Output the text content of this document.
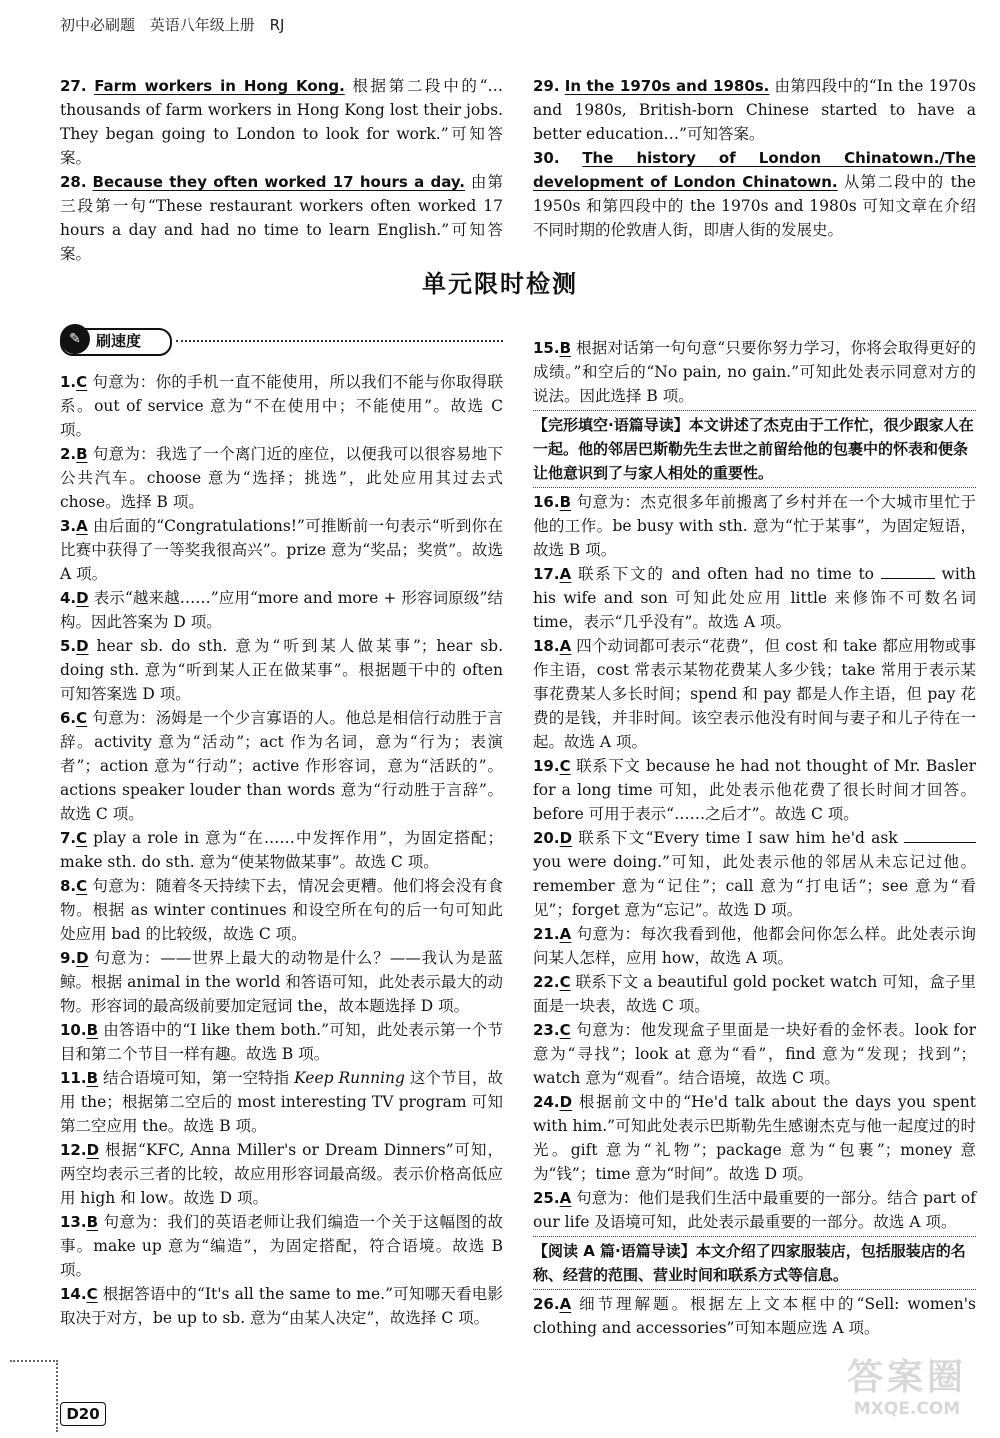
初中必刷题 英语八年级上册 RJ
27. Farm workers in Hong Kong. 根据第二段中的“… thousands of farm workers in Hong Kong lost their jobs. They began going to London to look for work.”可知答案。
28. Because they often worked 17 hours a day. 由第三段第一句“These restaurant workers often worked 17 hours a day and had no time to learn English.”可知答案。
29. In the 1970s and 1980s. 由第四段中的“In the 1970s and 1980s, British-born Chinese started to have a better education…”可知答案。
30. The history of London Chinatown./The development of London Chinatown. 从第二段中的 the 1950s 和第四段中的 the 1970s and 1980s 可知文章在介绍不同时期的伦敦唐人街，即唐人街的发展史。
单元限时检测
✎	刷速度
1.C 句意为：你的手机一直不能使用，所以我们不能与你取得联系。out of service 意为“不在使用中；不能使用”。故选 C 项。
2.B 句意为：我选了一个离门近的座位，以便我可以很容易地下公共汽车。choose 意为“选择；挑选”，此处应用其过去式 chose。选择 B 项。
3.A 由后面的“Congratulations!”可推断前一句表示“听到你在比赛中获得了一等奖我很高兴”。prize 意为“奖品；奖赏”。故选 A 项。
4.D 表示“越来越……”应用“more and more + 形容词原级”结构。因此答案为 D 项。
5.D hear sb. do sth. 意为“听到某人做某事”；hear sb. doing sth. 意为“听到某人正在做某事”。根据题干中的 often 可知答案选 D 项。
6.C 句意为：汤姆是一个少言寡语的人。他总是相信行动胜于言辞。activity 意为“活动”；act 作为名词，意为“行为；表演者”；action 意为“行动”；active 作形容词，意为“活跃的”。actions speaker louder than words 意为“行动胜于言辞”。故选 C 项。
7.C play a role in 意为“在……中发挥作用”，为固定搭配；make sth. do sth. 意为“使某物做某事”。故选 C 项。
8.C 句意为：随着冬天持续下去，情况会更糟。他们将会没有食物。根据 as winter continues 和设空所在句的后一句可知此处应用 bad 的比较级，故选 C 项。
9.D 句意为：——世界上最大的动物是什么？——我认为是蓝鲸。根据 animal in the world 和答语可知，此处表示最大的动物。形容词的最高级前要加定冠词 the，故本题选择 D 项。
10.B 由答语中的“I like them both.”可知，此处表示第一个节目和第二个节目一样有趣。故选 B 项。
11.B 结合语境可知，第一空特指 Keep Running 这个节目，故用 the；根据第二空后的 most interesting TV program 可知第二空应用 the。故选 B 项。
12.D 根据“KFC, Anna Miller's or Dream Dinners”可知，两空均表示三者的比较，故应用形容词最高级。表示价格高低应用 high 和 low。故选 D 项。
13.B 句意为：我们的英语老师让我们编造一个关于这幅图的故事。make up 意为“编造”，为固定搭配，符合语境。故选 B 项。
14.C 根据答语中的“It's all the same to me.”可知哪天看电影取决于对方，be up to sb. 意为“由某人决定”，故选择 C 项。
15.B 根据对话第一句句意“只要你努力学习，你将会取得更好的成绩。”和空后的“No pain, no gain.”可知此处表示同意对方的说法。因此选择 B 项。
【完形填空·语篇导读】本文讲述了杰克由于工作忙，很少跟家人在一起。他的邻居巴斯勒先生去世之前留给他的包裹中的怀表和便条让他意识到了与家人相处的重要性。
16.B 句意为：杰克很多年前搬离了乡村并在一个大城市里忙于他的工作。be busy with sth. 意为“忙于某事”，为固定短语，故选 B 项。
17.A 联系下文的 and often had no time to	with his wife and son 可知此处应用 little 来修饰不可数名词 time，表示“几乎没有”。故选 A 项。
18.A 四个动词都可表示“花费”，但 cost 和 take 都应用物或事作主语，cost 常表示某物花费某人多少钱；take 常用于表示某事花费某人多长时间；spend 和 pay 都是人作主语，但 pay 花费的是钱，并非时间。该空表示他没有时间与妻子和儿子待在一起。故选 A 项。
19.C 联系下文 because he had not thought of Mr. Basler for a long time 可知，此处表示他花费了很长时间才回答。before 可用于表示“……之后才”。故选 C 项。
20.D 联系下文“Every time I saw him he'd ask  you were doing.”可知，此处表示他的邻居从未忘记过他。remember 意为“记住”；call 意为“打电话”；see 意为“看见”；forget 意为“忘记”。故选 D 项。
21.A 句意为：每次我看到他，他都会问你怎么样。此处表示询问某人怎样，应用 how，故选 A 项。
22.C 联系下文 a beautiful gold pocket watch 可知，盒子里面是一块表，故选 C 项。
23.C 句意为：他发现盒子里面是一块好看的金怀表。look for 意为“寻找”；look at 意为“看”，find 意为“发现；找到”；watch 意为“观看”。结合语境，故选 C 项。
24.D 根据前文中的“He'd talk about the days you spent with him.”可知此处表示巴斯勒先生感谢杰克与他一起度过的时光。gift 意为“礼物”；package 意为“包裹”；money 意为“钱”；time 意为“时间”。故选 D 项。
25.A 句意为：他们是我们生活中最重要的一部分。结合 part of our life 及语境可知，此处表示最重要的一部分。故选 A 项。
【阅读 A 篇·语篇导读】本文介绍了四家服装店，包括服装店的名称、经营的范围、营业时间和联系方式等信息。
26.A 细节理解题。根据左上文本框中的“Sell: women's clothing and accessories”可知本题应选 A 项。
D20
答案圈
MXQE.COM
